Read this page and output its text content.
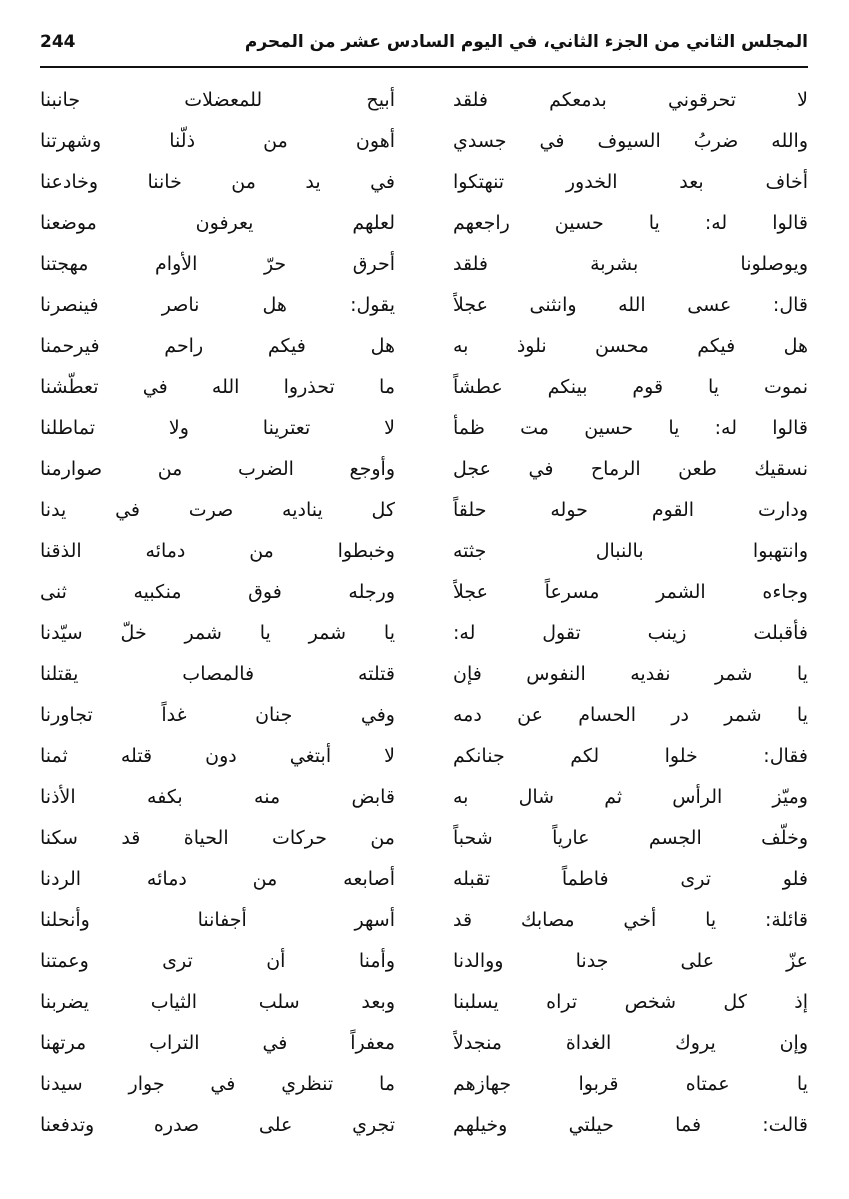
244	المجلس الثاني من الجزء الثاني، في اليوم السادس عشر من المحرم
لا تحرقوني بدمعكم فلقد
والله ضربُ السيوف في جسدي
أخاف بعد الخدور تنهتكوا
قالوا له: يا حسين راجعهم
ويوصلونا بشربة فلقد
قال: عسى الله وانثنى عجلاً
هل فيكم محسن نلوذ به
نموت يا قوم بينكم عطشاً
قالوا له: يا حسين مت ظمأ
نسقيك طعن الرماح في عجل
ودارت القوم حوله حلقاً
وانتهبوا بالنبال جثته
وجاءه الشمر مسرعاً عجلاً
فأقبلت زينب تقول له:
يا شمر نفديه النفوس فإن
يا شمر در الحسام عن دمه
فقال: خلوا لكم جنانكم
وميّز الرأس ثم شال به
وخلّف الجسم عارياً شحباً
فلو ترى فاطماً تقبله
قائلة: يا أخي مصابك قد
عزّ على جدنا ووالدنا
إذ كل شخص تراه يسلبنا
وإن يروك الغداة منجدلاً
يا عمتاه قربوا جهازهم
قالت: فما حيلتي وخيلهم
أبيح للمعضلات جانبنا
أهون من ذلّنا وشهرتنا
في يد من خاننا وخادعنا
لعلهم يعرفون موضعنا
أحرق حرّ الأوام مهجتنا
يقول: هل ناصر فينصرنا
هل فيكم راحم فيرحمنا
ما تحذروا الله في تعطّشنا
لا تعترينا ولا تماطلنا
وأوجع الضرب من صوارمنا
كل يناديه صرت في يدنا
وخبطوا من دمائه الذقنا
ورجله فوق منكبيه ثنى
يا شمر يا شمر خلّ سيّدنا
قتلته فالمصاب يقتلنا
وفي جنان غداً تجاورنا
لا أبتغي دون قتله ثمنا
قابض منه بكفه الأذنا
من حركات الحياة قد سكنا
أصابعه من دمائه الردنا
أسهر أجفاننا وأنحلنا
وأمنا أن ترى وعمتنا
وبعد سلب الثياب يضربنا
معفراً في التراب مرتهنا
ما تنظري في جوار سيدنا
تجري على صدره وتدفعنا
